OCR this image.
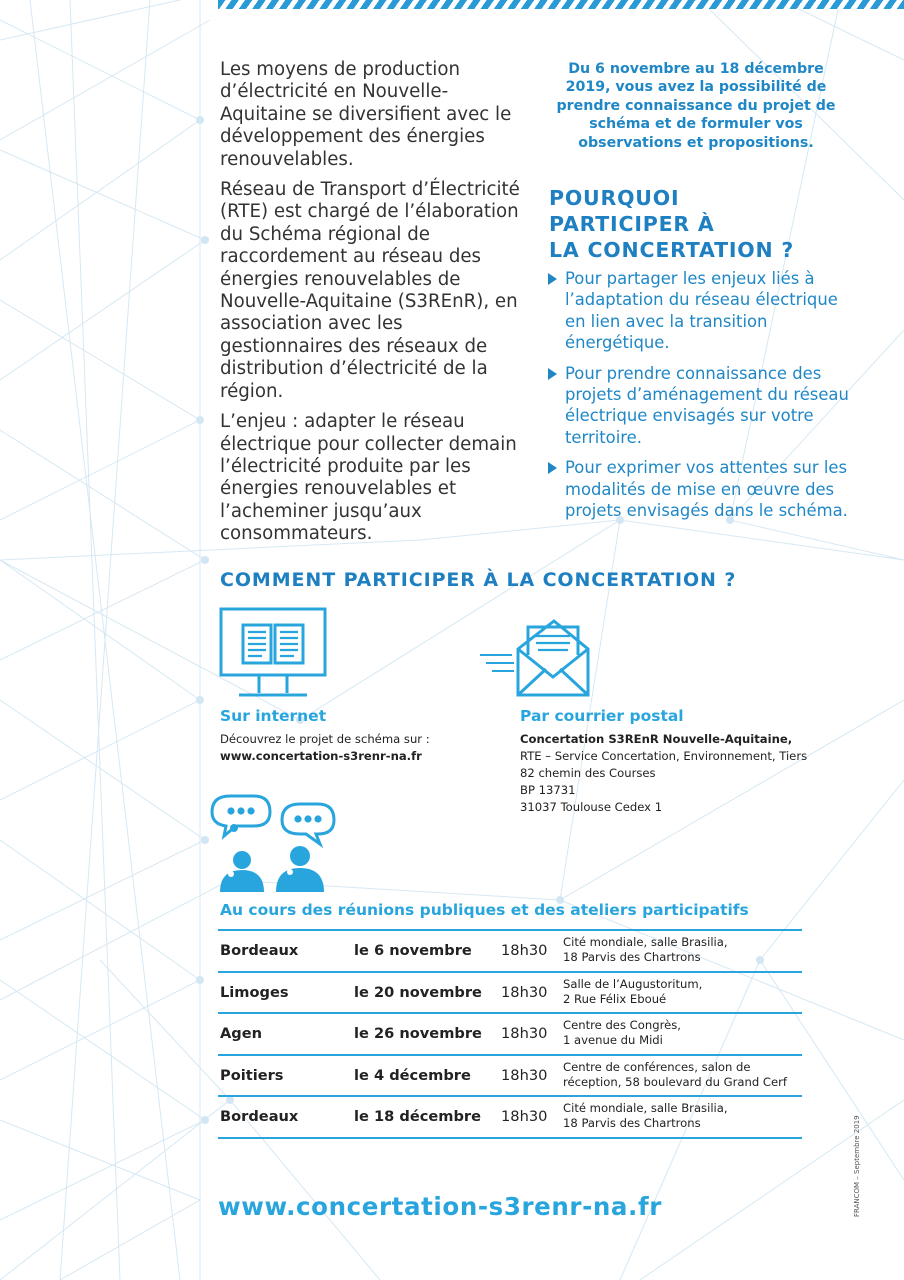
Les moyens de production d’électricité en Nouvelle-Aquitaine se diversifient avec le développement des énergies renouvelables.

Réseau de Transport d’Électricité (RTE) est chargé de l’élaboration du Schéma régional de raccordement au réseau des énergies renouvelables de Nouvelle-Aquitaine (S3REnR), en association avec les gestionnaires des réseaux de distribution d’électricité de la région.

L’enjeu : adapter le réseau électrique pour collecter demain l’électricité produite par les énergies renouvelables et l’acheminer jusqu’aux consommateurs.

Du 6 novembre au 18 décembre 2019, vous avez la possibilité de prendre connaissance du projet de schéma et de formuler vos observations et propositions.
POURQUOI
PARTICIPER À
LA CONCERTATION ?
Pour partager les enjeux liés à l’adaptation du réseau électrique en lien avec la transition énergétique.
Pour prendre connaissance des projets d’aménagement du réseau électrique envisagés sur votre territoire.
Pour exprimer vos attentes sur les modalités de mise en œuvre des projets envisagés dans le schéma.
COMMENT PARTICIPER À LA CONCERTATION ?
Sur internet
Découvrez le projet de schéma sur :
www.concertation-s3renr-na.fr
Par courrier postal
Concertation S3REnR Nouvelle-Aquitaine,
RTE – Service Concertation, Environnement, Tiers
82 chemin des Courses
BP 13731
31037 Toulouse Cedex 1
Au cours des réunions publiques et des ateliers participatifs
Bordeaux	le 6 novembre 18h30 Cité mondiale, salle Brasilia,
18 Parvis des Chartrons
Limoges	le 20 novembre 18h30 Salle de l’Augustoritum,
2 Rue Félix Eboué
Agen	le 26 novembre 18h30 Centre des Congrès,
1 avenue du Midi
Poitiers	le 4 décembre 18h30 Centre de conférences, salon de
réception, 58 boulevard du Grand Cerf
Bordeaux	le 18 décembre 18h30 Cité mondiale, salle Brasilia,
18 Parvis des Chartrons
www.concertation-s3renr-na.fr	FRANCOM – Septembre 2019
